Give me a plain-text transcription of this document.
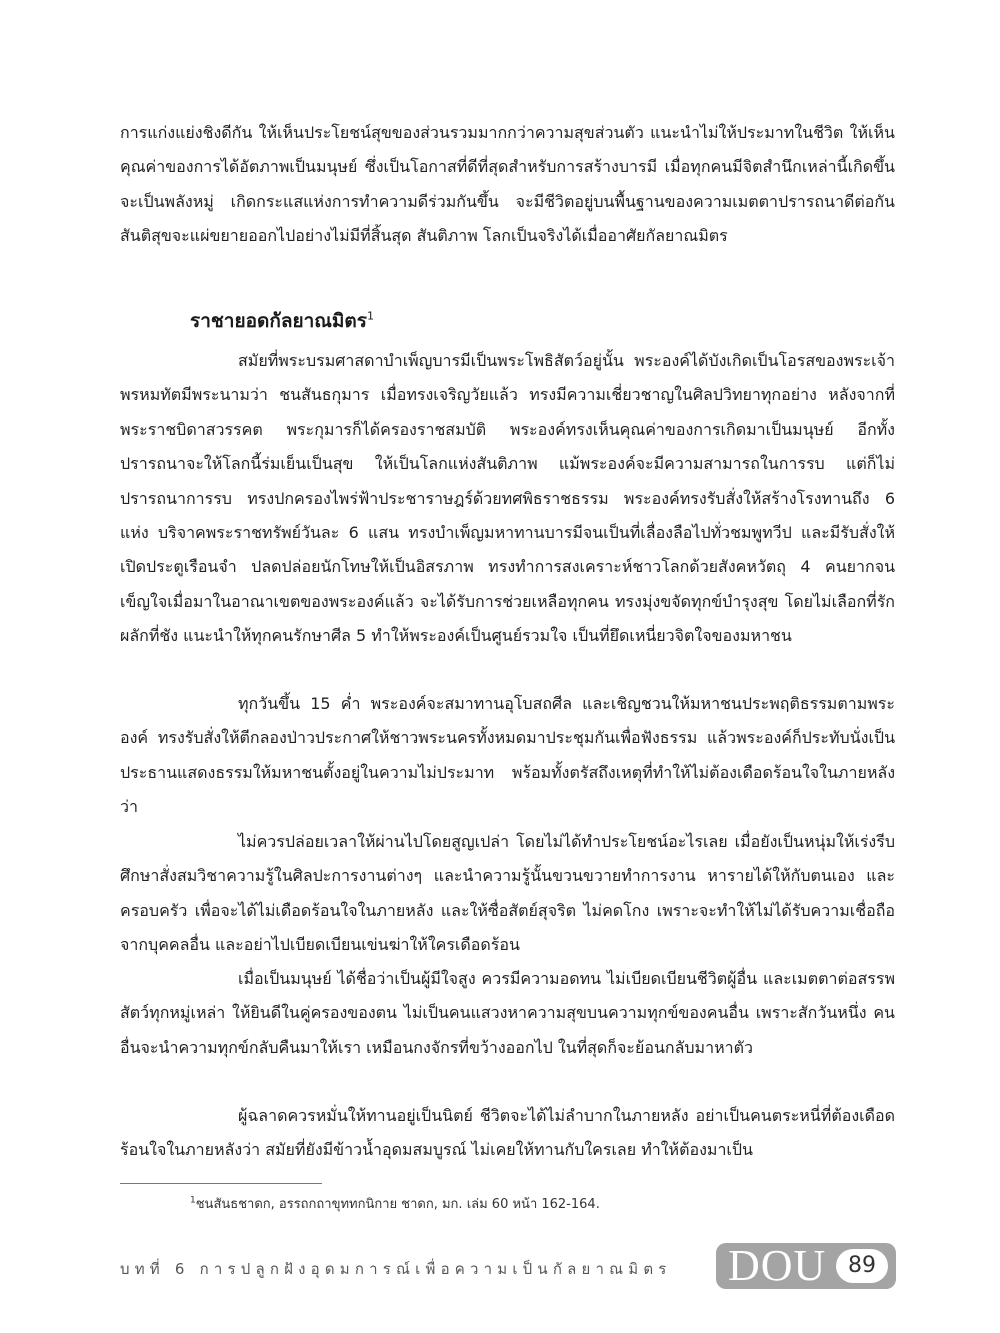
การแก่งแย่งชิงดีกัน ให้เห็นประโยชน์สุขของส่วนรวมมากกว่าความสุขส่วนตัว แนะนำไม่ให้ประมาทในชีวิต ให้เห็นคุณค่าของการได้อัตภาพเป็นมนุษย์ ซึ่งเป็นโอกาสที่ดีที่สุดสำหรับการสร้างบารมี เมื่อทุกคนมีจิตสำนึกเหล่านี้เกิดขึ้น จะเป็นพลังหมู่ เกิดกระแสแห่งการทำความดีร่วมกันขึ้น จะมีชีวิตอยู่บนพื้นฐานของความเมตตาปรารถนาดีต่อกัน สันติสุขจะแผ่ขยายออกไปอย่างไม่มีที่สิ้นสุด สันติภาพ โลกเป็นจริงได้เมื่ออาศัยกัลยาณมิตร

ราชายอดกัลยาณมิตร$^1$

สมัยที่พระบรมศาสดาบำเพ็ญบารมีเป็นพระโพธิสัตว์อยู่นั้น พระองค์ได้บังเกิดเป็นโอรสของพระเจ้าพรหมทัตมีพระนามว่า ชนสันธกุมาร เมื่อทรงเจริญวัยแล้ว ทรงมีความเชี่ยวชาญในศิลปวิทยาทุกอย่าง หลังจากที่พระราชบิดาสวรรคต พระกุมารก็ได้ครองราชสมบัติ พระองค์ทรงเห็นคุณค่าของการเกิดมาเป็นมนุษย์ อีกทั้งปรารถนาจะให้โลกนี้ร่มเย็นเป็นสุข ให้เป็นโลกแห่งสันติภาพ แม้พระองค์จะมีความสามารถในการรบ แต่ก็ไม่ปรารถนาการรบ ทรงปกครองไพร่ฟ้าประชาราษฎร์ด้วยทศพิธราชธรรม พระองค์ทรงรับสั่งให้สร้างโรงทานถึง 6 แห่ง บริจาคพระราชทรัพย์วันละ 6 แสน ทรงบำเพ็ญมหาทานบารมีจนเป็นที่เลื่องลือไปทั่วชมพูทวีป และมีรับสั่งให้เปิดประตูเรือนจำ ปลดปล่อยนักโทษให้เป็นอิสรภาพ ทรงทำการสงเคราะห์ชาวโลกด้วยสังคหวัตถุ 4 คนยากจนเข็ญใจเมื่อมาในอาณาเขตของพระองค์แล้ว จะได้รับการช่วยเหลือทุกคน ทรงมุ่งขจัดทุกข์บำรุงสุข โดยไม่เลือกที่รักผลักที่ชัง แนะนำให้ทุกคนรักษาศีล 5 ทำให้พระองค์เป็นศูนย์รวมใจ เป็นที่ยึดเหนี่ยวจิตใจของมหาชน

ทุกวันขึ้น 15 ค่ำ พระองค์จะสมาทานอุโบสถศีล และเชิญชวนให้มหาชนประพฤติธรรมตามพระองค์ ทรงรับสั่งให้ตีกลองป่าวประกาศให้ชาวพระนครทั้งหมดมาประชุมกันเพื่อฟังธรรม แล้วพระองค์ก็ประทับนั่งเป็นประธานแสดงธรรมให้มหาชนตั้งอยู่ในความไม่ประมาท พร้อมทั้งตรัสถึงเหตุที่ทำให้ไม่ต้องเดือดร้อนใจในภายหลังว่า

ไม่ควรปล่อยเวลาให้ผ่านไปโดยสูญเปล่า โดยไม่ได้ทำประโยชน์อะไรเลย เมื่อยังเป็นหนุ่มให้เร่งรีบศึกษาสั่งสมวิชาความรู้ในศิลปะการงานต่างๆ และนำความรู้นั้นขวนขวายทำการงาน หารายได้ให้กับตนเอง และครอบครัว เพื่อจะได้ไม่เดือดร้อนใจในภายหลัง และให้ซื่อสัตย์สุจริต ไม่คดโกง เพราะจะทำให้ไม่ได้รับความเชื่อถือจากบุคคลอื่น และอย่าไปเบียดเบียนเข่นฆ่าให้ใครเดือดร้อน

เมื่อเป็นมนุษย์ ได้ชื่อว่าเป็นผู้มีใจสูง ควรมีความอดทน ไม่เบียดเบียนชีวิตผู้อื่น และเมตตาต่อสรรพสัตว์ทุกหมู่เหล่า ให้ยินดีในคู่ครองของตน ไม่เป็นคนแสวงหาความสุขบนความทุกข์ของคนอื่น เพราะสักวันหนึ่ง คนอื่นจะนำความทุกข์กลับคืนมาให้เรา เหมือนกงจักรที่ขว้างออกไป ในที่สุดก็จะย้อนกลับมาหาตัว

ผู้ฉลาดควรหมั่นให้ทานอยู่เป็นนิตย์ ชีวิตจะได้ไม่ลำบากในภายหลัง อย่าเป็นคนตระหนี่ที่ต้องเดือดร้อนใจในภายหลังว่า สมัยที่ยังมีข้าวน้ำอุดมสมบูรณ์ ไม่เคยให้ทานกับใครเลย ทำให้ต้องมาเป็น

$^1$ชนสันธชาดก, อรรถกถาขุททกนิกาย ชาดก, มก. เล่ม 60 หน้า 162-164.

บทที่ 6 การปลูกฝังอุดมการณ์เพื่อความเป็นกัลยาณมิตร DOU 89
